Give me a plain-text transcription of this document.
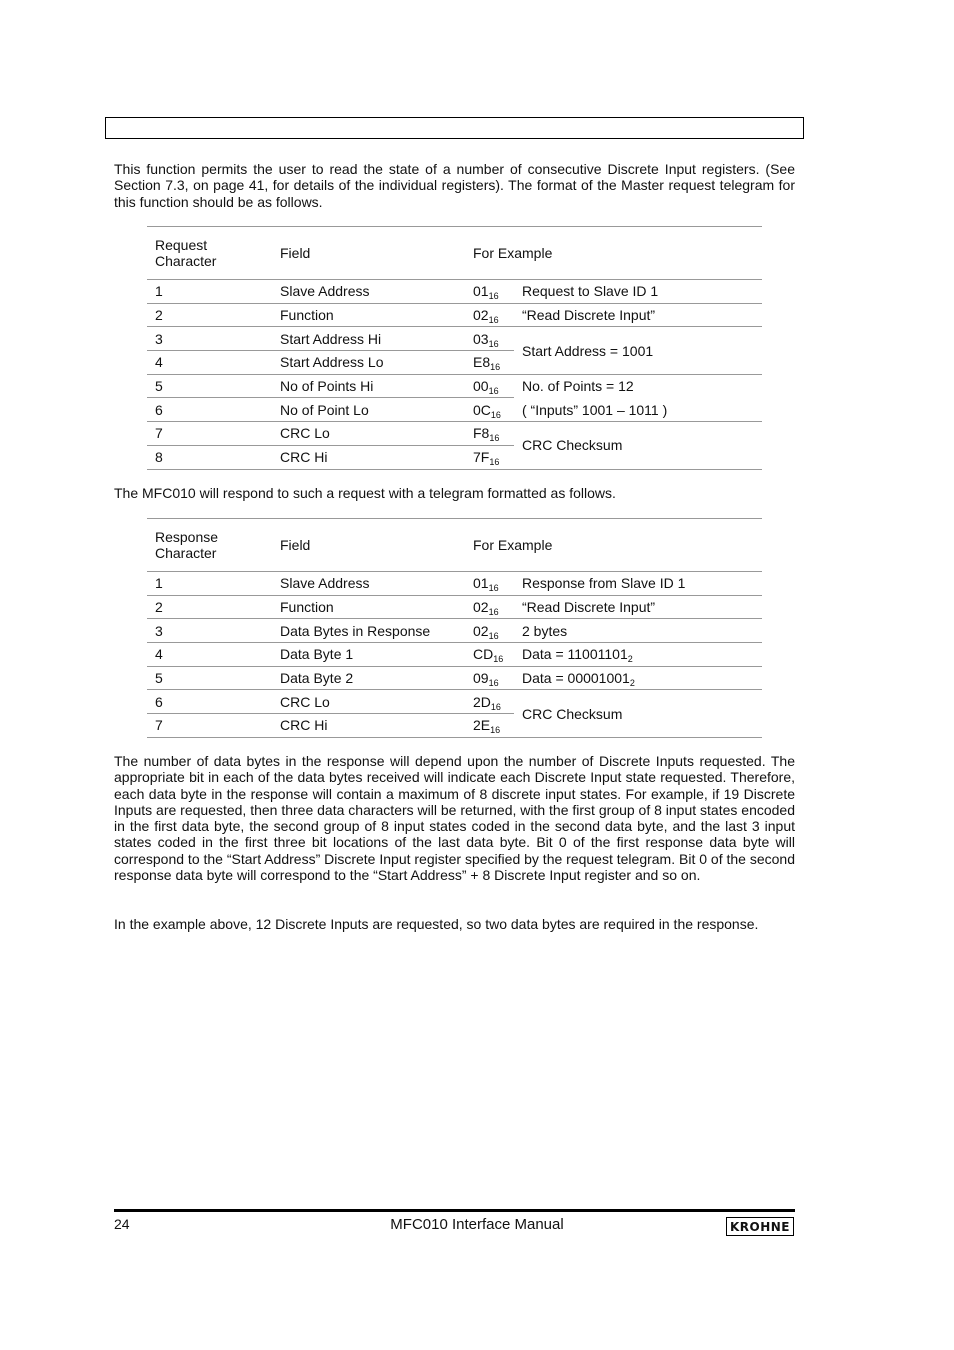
This function permits the user to read the state of a number of consecutive Discrete Input registers. (See Section 7.3, on page 41, for details of the individual registers). The format of the Master request telegram for this function should be as follows.

Request
Character	Field	For Example	
1	Slave Address	$01_{16}$	Request to Slave ID 1
2	Function	$02_{16}$	“Read Discrete Input”
3	Start Address Hi	$03_{16}$	Start Address = 1001
4	Start Address Lo	$E8_{16}$
5	No of Points Hi	$00_{16}$	No. of Points = 12
6	No of Point Lo	$0C_{16}$	( “Inputs” 1001 – 1011 )
7	CRC Lo	$F8_{16}$	CRC Checksum
8	CRC Hi	$7F_{16}$

The MFC010 will respond to such a request with a telegram formatted as follows.

Response
Character	Field	For Example	
1	Slave Address	$01_{16}$	Response from Slave ID 1
2	Function	$02_{16}$	“Read Discrete Input”
3	Data Bytes in Response	$02_{16}$	2 bytes
4	Data Byte 1	$CD_{16}$	Data = $11001101_2$
5	Data Byte 2	$09_{16}$	Data = $00001001_2$
6	CRC Lo	$2D_{16}$	CRC Checksum
7	CRC Hi	$2E_{16}$

The number of data bytes in the response will depend upon the number of Discrete Inputs requested. The appropriate bit in each of the data bytes received will indicate each Discrete Input state requested. Therefore, each data byte in the response will contain a maximum of 8 discrete input states. For example, if 19 Discrete Inputs are requested, then three data characters will be returned, with the first group of 8 input states encoded in the first data byte, the second group of 8 input states coded in the second data byte, and the last 3 input states coded in the first three bit locations of the last data byte. Bit 0 of the first response data byte will correspond to the “Start Address” Discrete Input register specified by the request telegram. Bit 0 of the second response data byte will correspond to the “Start Address” + 8 Discrete Input register and so on.

In the example above, 12 Discrete Inputs are requested, so two data bytes are required in the response.

24	MFC010 Interface Manual	KROHNE
